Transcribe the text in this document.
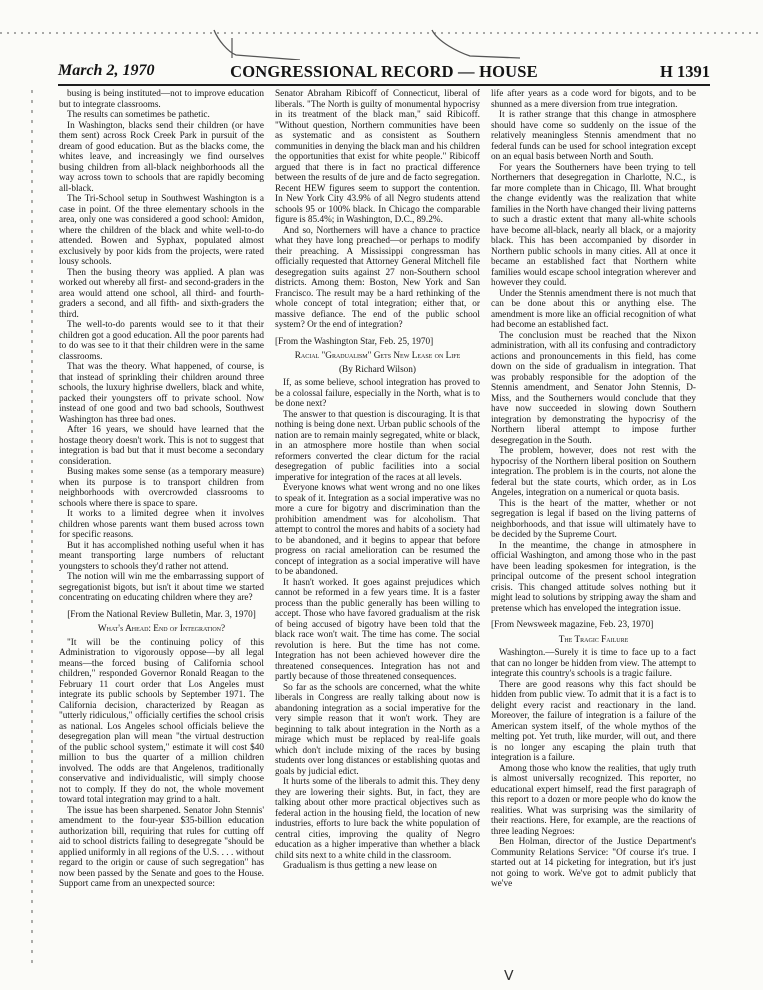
March 2, 1970	CONGRESSIONAL RECORD — HOUSE	H 1391

busing is being instituted—not to improve education but to integrate classrooms.

The results can sometimes be pathetic.

In Washington, blacks send their children (or have them sent) across Rock Creek Park in pursuit of the dream of good education. But as the blacks come, the whites leave, and increasingly we find ourselves busing children from all-black neighborhoods all the way across town to schools that are rapidly becoming all-black.

The Tri-School setup in Southwest Washington is a case in point. Of the three elementary schools in the area, only one was considered a good school: Amidon, where the children of the black and white well-to-do attended. Bowen and Syphax, populated almost exclusively by poor kids from the projects, were rated lousy schools.

Then the busing theory was applied. A plan was worked out whereby all first- and second-graders in the area would attend one school, all third- and fourth-graders a second, and all fifth- and sixth-graders the third.

The well-to-do parents would see to it that their children got a good education. All the poor parents had to do was see to it that their children were in the same classrooms.

That was the theory. What happened, of course, is that instead of sprinkling their children around three schools, the luxury highrise dwellers, black and white, packed their youngsters off to private school. Now instead of one good and two bad schools, Southwest Washington has three bad ones.

After 16 years, we should have learned that the hostage theory doesn't work. This is not to suggest that integration is bad but that it must become a secondary consideration.

Busing makes some sense (as a temporary measure) when its purpose is to transport children from neighborhoods with overcrowded classrooms to schools where there is space to spare.

It works to a limited degree when it involves children whose parents want them bused across town for specific reasons.

But it has accomplished nothing useful when it has meant transporting large numbers of reluctant youngsters to schools they'd rather not attend.

The notion will win me the embarrassing support of segregationist bigots, but isn't it about time we started concentrating on educating children where they are?

[From the National Review Bulletin, Mar. 3, 1970]

What's Ahead: End of Integration?

"It will be the continuing policy of this Administration to vigorously oppose—by all legal means—the forced busing of California school children," responded Governor Ronald Reagan to the February 11 court order that Los Angeles must integrate its public schools by September 1971. The California decision, characterized by Reagan as "utterly ridiculous," officially certifies the school crisis as national. Los Angeles school officials believe the desegregation plan will mean "the virtual destruction of the public school system," estimate it will cost $40 million to bus the quarter of a million children involved. The odds are that Angelenos, traditionally conservative and individualistic, will simply choose not to comply. If they do not, the whole movement toward total integration may grind to a halt.

The issue has been sharpened. Senator John Stennis' amendment to the four-year $35-billion education authorization bill, requiring that rules for cutting off aid to school districts failing to desegregate "should be applied uniformly in all regions of the U.S. . . . without regard to the origin or cause of such segregation" has now been passed by the Senate and goes to the House. Support came from an unexpected source:

Senator Abraham Ribicoff of Connecticut, liberal of liberals. "The North is guilty of monumental hypocrisy in its treatment of the black man," said Ribicoff. "Without question, Northern communities have been as systematic and as consistent as Southern communities in denying the black man and his children the opportunities that exist for white people." Ribicoff argued that there is in fact no practical difference between the results of de jure and de facto segregation. Recent HEW figures seem to support the contention. In New York City 43.9% of all Negro students attend schools 95 or 100% black. In Chicago the comparable figure is 85.4%; in Washington, D.C., 89.2%.

And so, Northerners will have a chance to practice what they have long preached—or perhaps to modify their preaching. A Mississippi congressman has officially requested that Attorney General Mitchell file desegregation suits against 27 non-Southern school districts. Among them: Boston, New York and San Francisco. The result may be a hard rethinking of the whole concept of total integration; either that, or massive defiance. The end of the public school system? Or the end of integration?

[From the Washington Star, Feb. 25, 1970]

Racial "Gradualism" Gets New Lease on Life

(By Richard Wilson)

If, as some believe, school integration has proved to be a colossal failure, especially in the North, what is to be done next?

The answer to that question is discouraging. It is that nothing is being done next. Urban public schools of the nation are to remain mainly segregated, white or black, in an atmosphere more hostile than when social reformers converted the clear dictum for the racial desegregation of public facilities into a social imperative for integration of the races at all levels.

Everyone knows what went wrong and no one likes to speak of it. Integration as a social imperative was no more a cure for bigotry and discrimination than the prohibition amendment was for alcoholism. That attempt to control the mores and habits of a society had to be abandoned, and it begins to appear that before progress on racial amelioration can be resumed the concept of integration as a social imperative will have to be abandoned.

It hasn't worked. It goes against prejudices which cannot be reformed in a few years time. It is a faster process than the public generally has been willing to accept. Those who have favored gradualism at the risk of being accused of bigotry have been told that the black race won't wait. The time has come. The social revolution is here. But the time has not come. Integration has not been achieved however dire the threatened consequences. Integration has not and partly because of those threatened consequences.

So far as the schools are concerned, what the white liberals in Congress are really talking about now is abandoning integration as a social imperative for the very simple reason that it won't work. They are beginning to talk about integration in the North as a mirage which must be replaced by real-life goals which don't include mixing of the races by busing students over long distances or establishing quotas and goals by judicial edict.

It hurts some of the liberals to admit this. They deny they are lowering their sights. But, in fact, they are talking about other more practical objectives such as federal action in the housing field, the location of new industries, efforts to lure back the white population of central cities, improving the quality of Negro education as a higher imperative than whether a black child sits next to a white child in the classroom.

Gradualism is thus getting a new lease on

life after years as a code word for bigots, and to be shunned as a mere diversion from true integration.

It is rather strange that this change in atmosphere should have come so suddenly on the issue of the relatively meaningless Stennis amendment that no federal funds can be used for school integration except on an equal basis between North and South.

For years the Southerners have been trying to tell Northerners that desegregation in Charlotte, N.C., is far more complete than in Chicago, Ill. What brought the change evidently was the realization that white families in the North have changed their living patterns to such a drastic extent that many all-white schools have become all-black, nearly all black, or a majority black. This has been accompanied by disorder in Northern public schools in many cities. All at once it became an established fact that Northern white families would escape school integration wherever and however they could.

Under the Stennis amendment there is not much that can be done about this or anything else. The amendment is more like an official recognition of what had become an established fact.

The conclusion must be reached that the Nixon administration, with all its confusing and contradictory actions and pronouncements in this field, has come down on the side of gradualism in integration. That was probably responsible for the adoption of the Stennis amendment, and Senator John Stennis, D-Miss, and the Southerners would conclude that they have now succeeded in slowing down Southern integration by demonstrating the hypocrisy of the Northern liberal attempt to impose further desegregation in the South.

The problem, however, does not rest with the hypocrisy of the Northern liberal position on Southern integration. The problem is in the courts, not alone the federal but the state courts, which order, as in Los Angeles, integration on a numerical or quota basis.

This is the heart of the matter, whether or not segregation is legal if based on the living patterns of neighborhoods, and that issue will ultimately have to be decided by the Supreme Court.

In the meantime, the change in atmosphere in official Washington, and among those who in the past have been leading spokesmen for integration, is the principal outcome of the present school integration crisis. This changed attitude solves nothing but it might lead to solutions by stripping away the sham and pretense which has enveloped the integration issue.

[From Newsweek magazine, Feb. 23, 1970]

The Tragic Failure

Washington.—Surely it is time to face up to a fact that can no longer be hidden from view. The attempt to integrate this country's schools is a tragic failure.

There are good reasons why this fact should be hidden from public view. To admit that it is a fact is to delight every racist and reactionary in the land. Moreover, the failure of integration is a failure of the American system itself, of the whole mythos of the melting pot. Yet truth, like murder, will out, and there is no longer any escaping the plain truth that integration is a failure.

Among those who know the realities, that ugly truth is almost universally recognized. This reporter, no educational expert himself, read the first paragraph of this report to a dozen or more people who do know the realities. What was surprising was the similarity of their reactions. Here, for example, are the reactions of three leading Negroes:

Ben Holman, director of the Justice Department's Community Relations Service: "Of course it's true. I started out at 14 picketing for integration, but it's just not going to work. We've got to admit publicly that we've

ᐯ
